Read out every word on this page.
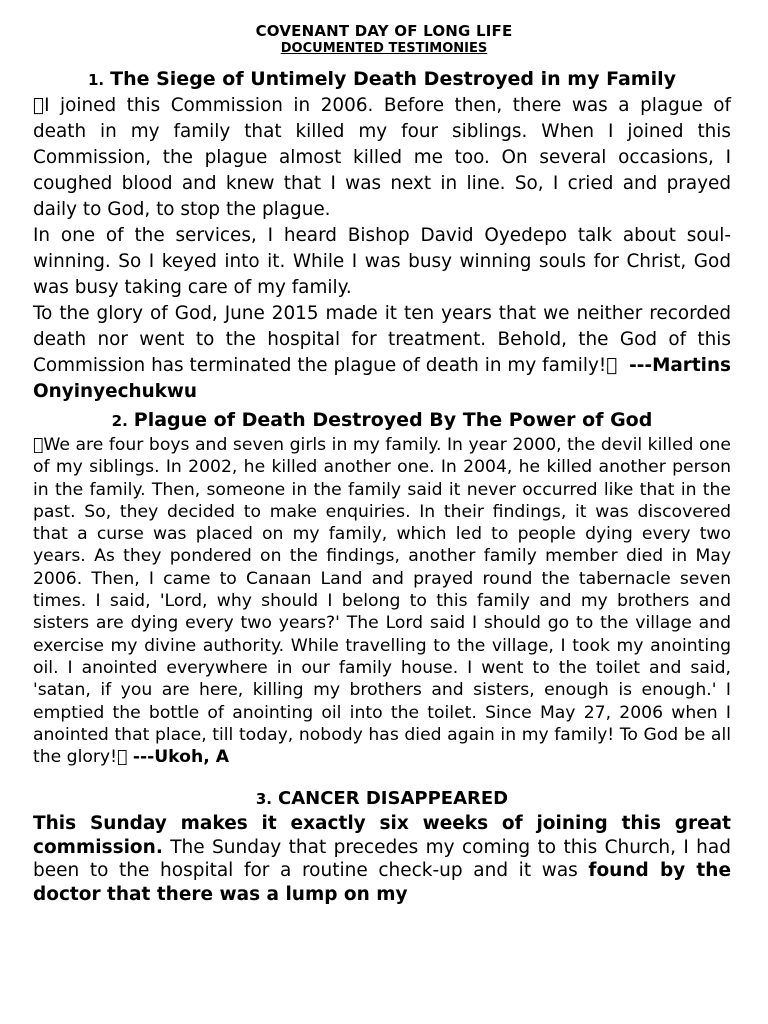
COVENANT DAY OF LONG LIFE
DOCUMENTED TESTIMONIES
1. The Siege of Untimely Death Destroyed in my Family

I joined this Commission in 2006. Before then, there was a plague of death in my family that killed my four siblings. When I joined this Commission, the plague almost killed me too. On several occasions, I coughed blood and knew that I was next in line. So, I cried and prayed daily to God, to stop the plague.

In one of the services, I heard Bishop David Oyedepo talk about soul-winning. So I keyed into it. While I was busy winning souls for Christ, God was busy taking care of my family.

To the glory of God, June 2015 made it ten years that we neither recorded death nor went to the hospital for treatment. Behold, the God of this Commission has terminated the plague of death in my family!   ---Martins Onyinyechukwu

2. Plague of Death Destroyed By The Power of God

We are four boys and seven girls in my family. In year 2000, the devil killed one of my siblings. In 2002, he killed another one. In 2004, he killed another person in the family. Then, someone in the family said it never occurred like that in the past. So, they decided to make enquiries. In their findings, it was discovered that a curse was placed on my family, which led to people dying every two years. As they pondered on the findings, another family member died in May 2006. Then, I came to Canaan Land and prayed round the tabernacle seven times. I said, 'Lord, why should I belong to this family and my brothers and sisters are dying every two years?' The Lord said I should go to the village and exercise my divine authority. While travelling to the village, I took my anointing oil. I anointed everywhere in our family house. I went to the toilet and said, 'satan, if you are here, killing my brothers and sisters, enough is enough.' I emptied the bottle of anointing oil into the toilet. Since May 27, 2006 when I anointed that place, till today, nobody has died again in my family! To God be all the glory! ---Ukoh, A

3. CANCER DISAPPEARED

This Sunday makes it exactly six weeks of joining this great commission. The Sunday that precedes my coming to this Church, I had been to the hospital for a routine check-up and it was found by the doctor that there was a lump on my
